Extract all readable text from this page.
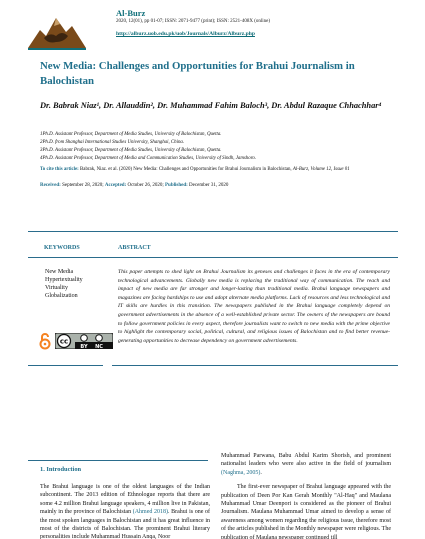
Al-Burz
2020, 12(01), pp 01-07; ISSN: 2071-9477 (print); ISSN: 2521-408X (online)
http://alburz.uob.edu.pk/uob/Journals/Alburz/Alburz.php
New Media: Challenges and Opportunities for Brahui Journalism in Balochistan
Dr. Babrak Niaz¹, Dr. Allauddin², Dr. Muhammad Fahim Baloch³, Dr. Abdul Razaque Chhachhar⁴
1Ph.D. Assistant Professor, Department of Media Studies, University of Balochistan, Quetta.
2Ph.D. from Shanghai International Studies University, Shanghai, China.
3Ph.D. Assistant Professor, Department of Media Studies, University of Balochistan, Quetta.
4Ph.D. Assistant Professor, Department of Media and Communication Studies, University of Sindh, Jamshoro.
To cite this article: Babrak, Niaz. et al. (2020) New Media: Challenges and Opportunities for Brahui Journalism in Balochistan, Al-Burz, Volume 12, Issue 01
Received: September 28, 2020; Accepted: October 26, 2020; Published: December 31, 2020
KEYWORDS	ABSTRACT
New Media
Hypertextuality
Virtuality
Globalization
This paper attempts to shed light on Brahui Journalism its geneses and challenges it faces in the era of contemporary technological advancements. Globally new media is replacing the traditional way of communication. The reach and impact of new media are far stronger and longer-lasting than traditional media. Brahui language newspapers and magazines are facing hardships to use and adopt alternate media platforms. Lack of resources and less technological and IT skills are hurdles in this transition. The newspapers published in the Brahui language completely depend on government advertisements in the absence of a well-established private sector. The owners of the newspapers are bound to follow government policies in every aspect, therefore journalists want to switch to new media with the prime objective to highlight the contemporary social, political, cultural, and religious issues of Balochistan and to find better revenue-generating opportunities to decrease dependency on government advertisements.
cc
BY NC
1. Introduction
The Brahui language is one of the oldest languages of the Indian subcontinent. The 2013 edition of Ethnologue reports that there are some 4.2 million Brahui language speakers, 4 million live in Pakistan, mainly in the province of Balochistan (Ahmed 2018). Brahui is one of the most spoken languages in Balochistan and it has great influence in most of the districts of Balochistan. The prominent Brahui literary personalities include Muhammad Hussain Anqa, Noor
Muhammad Parwana, Babu Abdul Karim Shorish, and prominent nationalist leaders who were also active in the field of journalism (Naghma, 2005).
The first-ever newspaper of Brahui language appeared with the publication of Deen Por Kan Gerah Monthly "Al-Haq" and Maulana Muhammad Umar Deenpori is considered as the pioneer of Brahui Journalism. Maulana Muhammad Umar aimed to develop a sense of awareness among women regarding the religious issue, therefore most of the articles published in the Monthly newspaper were religious. The publication of Maulana newspaper continued till
